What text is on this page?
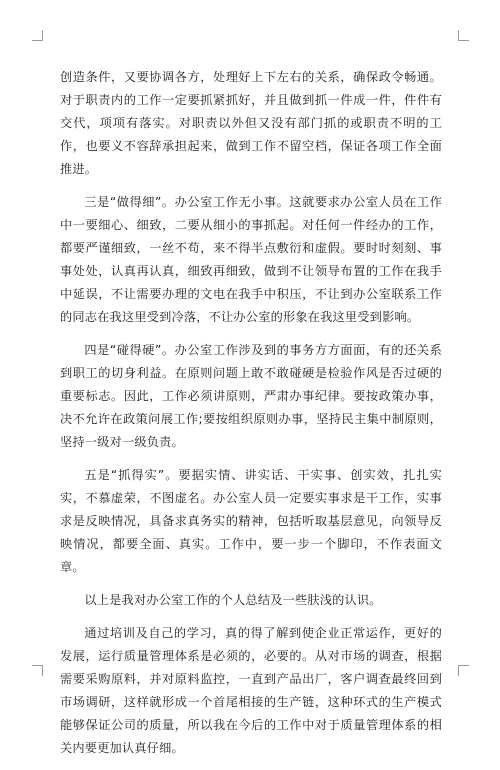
创造条件，又要协调各方，处理好上下左右的关系，确保政令畅通。对于职责内的工作一定要抓紧抓好，并且做到抓一件成一件，件件有交代，项项有落实。对职责以外但又没有部门抓的或职责不明的工作，也要义不容辞承担起来，做到工作不留空档，保证各项工作全面推进。

三是“做得细”。办公室工作无小事。这就要求办公室人员在工作中一要细心、细致，二要从细小的事抓起。对任何一件经办的工作，都要严谨细致，一丝不苟，来不得半点敷衍和虚假。要时时刻刻、事事处处，认真再认真，细致再细致，做到不让领导布置的工作在我手中延误，不让需要办理的文电在我手中积压，不让到办公室联系工作的同志在我这里受到冷落，不让办公室的形象在我这里受到影响。

四是“碰得硬”。办公室工作涉及到的事务方方面面，有的还关系到职工的切身利益。在原则问题上敢不敢碰硬是检验作风是否过硬的重要标志。因此，工作必须讲原则，严肃办事纪律。要按政策办事，决不允许在政策问展工作;要按组织原则办事，坚持民主集中制原则，坚持一级对一级负责。

五是“抓得实”。要据实情、讲实话、干实事、创实效，扎扎实实，不慕虚荣，不图虚名。办公室人员一定要实事求是干工作，实事求是反映情况，具备求真务实的精神，包括听取基层意见，向领导反映情况，都要全面、真实。工作中，要一步一个脚印，不作表面文章。

以上是我对办公室工作的个人总结及一些肤浅的认识。

通过培训及自己的学习，真的得了解到使企业正常运作，更好的发展，运行质量管理体系是必须的，必要的。从对市场的调查，根据需要采购原料，并对原料监控，一直到产品出厂，客户调查最终回到市场调研，这样就形成一个首尾相接的生产链，这种环式的生产模式能够保证公司的质量，所以我在今后的工作中对于质量管理体系的相关内要更加认真仔细。
